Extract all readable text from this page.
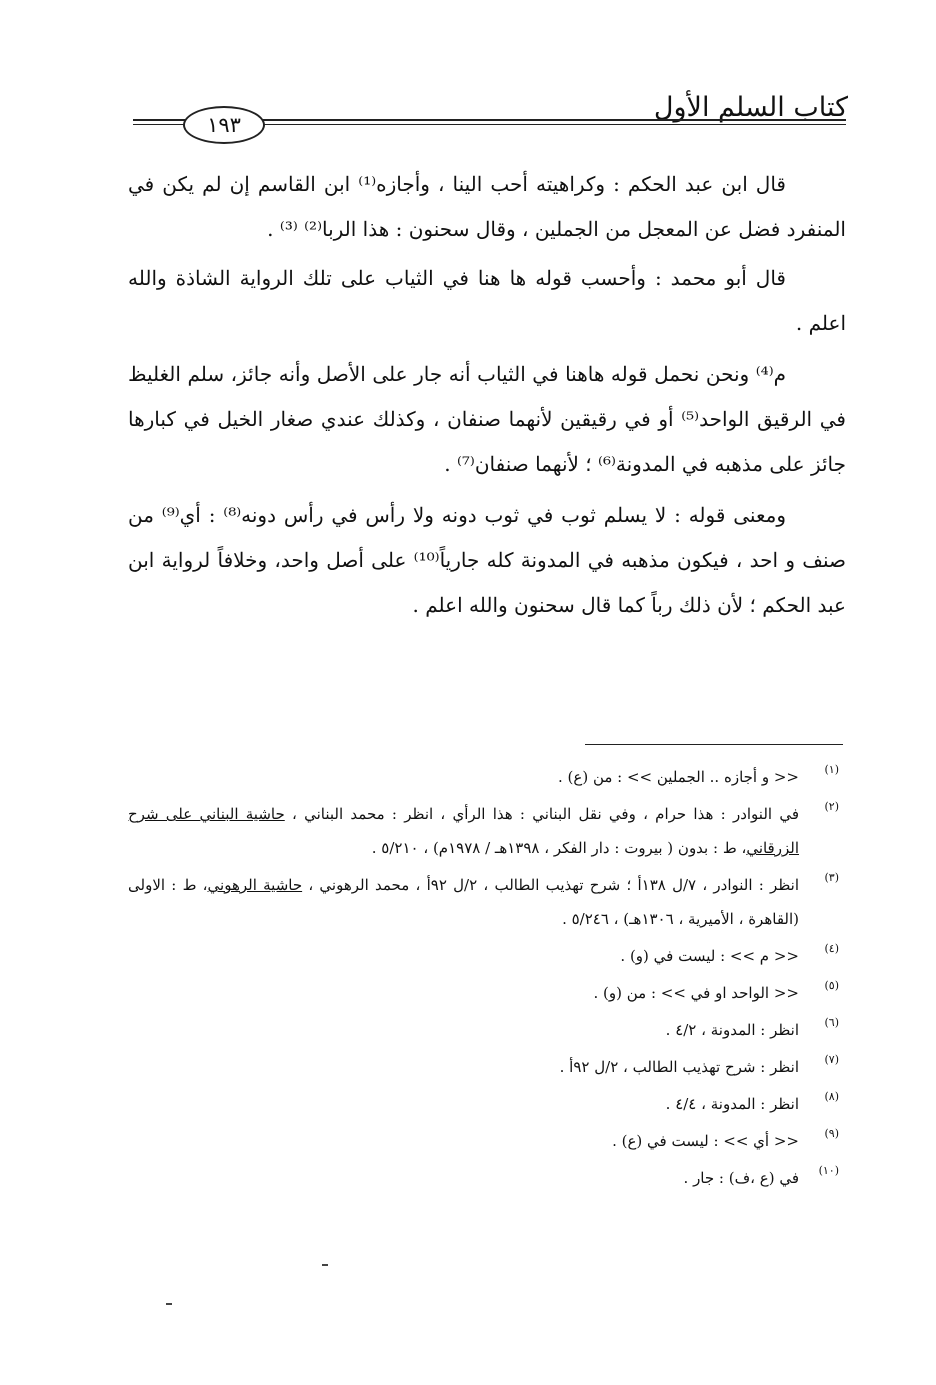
كتاب السلم الأول
١٩٣

قال ابن عبد الحكم : وكراهيته أحب الينا ، وأجازه⁽¹⁾ ابن القاسم إن لم يكن في المنفرد فضل عن المعجل من الجملين ، وقال سحنون : هذا الربا⁽²⁾ ⁽³⁾ .

قال أبو محمد : وأحسب قوله ها هنا في الثياب على تلك الرواية الشاذة والله اعلم .

م⁽⁴⁾ ونحن نحمل قوله هاهنا في الثياب أنه جار على الأصل وأنه جائز، سلم الغليظ في الرقيق الواحد⁽⁵⁾ أو في رقيقين لأنهما صنفان ، وكذلك عندي صغار الخيل في كبارها جائز على مذهبه في المدونة⁽⁶⁾ ؛ لأنهما صنفان⁽⁷⁾ .

ومعنى قوله : لا يسلم ثوب في ثوب دونه ولا رأس في رأس دونه⁽⁸⁾ : أي⁽⁹⁾ من صنف و احد ، فيكون مذهبه في المدونة كله جارياً⁽¹⁰⁾ على أصل واحد، وخلافاً لرواية ابن عبد الحكم ؛ لأن ذلك رباً كما قال سحنون والله اعلم .

(١)
<< و أجازه .. الجملين >> : من (ع) .
(٢)
في النوادر : هذا حرام ، وفي نقل البناني : هذا الرأي ، انظر : محمد البناني ، حاشية البناني على شرح الزرقاني، ط : بدون ( بيروت : دار الفكر ، ١٣٩٨هـ / ١٩٧٨م) ، ٥/٢١٠ .
(٣)
انظر : النوادر ، ٧/ل ١٣٨أ ؛ شرح تهذيب الطالب ، ٢/ل ٩٢أ ، محمد الرهوني ، حاشية الرهوني، ط : الاولى (القاهرة ، الأميرية ، ١٣٠٦هـ) ، ٥/٢٤٦ .
(٤)
<< م >> : ليست في (و) .
(٥)
<< الواحد او في >> : من (و) .
(٦)
انظر : المدونة ، ٤/٢ .
(٧)
انظر : شرح تهذيب الطالب ، ٢/ل ٩٢أ .
(٨)
انظر : المدونة ، ٤/٤ .
(٩)
<< أي >> : ليست في (ع) .
(١٠)
في (ع ،ف) : جار .
